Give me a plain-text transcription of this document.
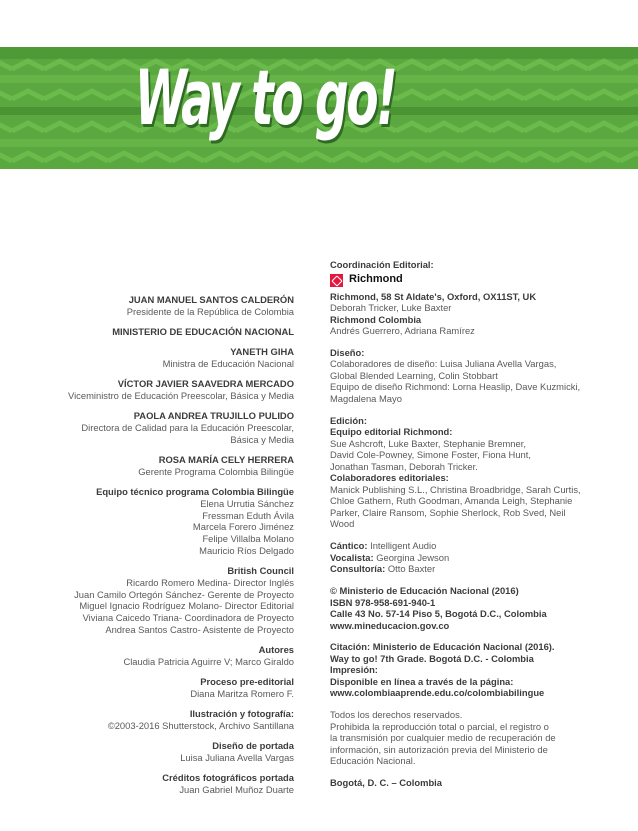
Way to go!
JUAN MANUEL SANTOS CALDERÓN
Presidente de la República de Colombia
MINISTERIO DE EDUCACIÓN NACIONAL
YANETH GIHA
Ministra de Educación Nacional
VÍCTOR JAVIER SAAVEDRA MERCADO
Viceministro de Educación Preescolar, Básica y Media
PAOLA ANDREA TRUJILLO PULIDO
Directora de Calidad para la Educación Preescolar,
Básica y Media
ROSA MARÍA CELY HERRERA
Gerente Programa Colombia Bilingüe
Equipo técnico programa Colombia Bilingüe
Elena Urrutia Sánchez
Fressman Eduth Ávila
Marcela Forero Jiménez
Felipe Villalba Molano
Mauricio Ríos Delgado
British Council
Ricardo Romero Medina- Director Inglés
Juan Camilo Ortegón Sánchez- Gerente de Proyecto
Miguel Ignacio Rodríguez Molano- Director Editorial
Viviana Caicedo Triana- Coordinadora de Proyecto
Andrea Santos Castro- Asistente de Proyecto
Autores
Claudia Patricia Aguirre V; Marco Giraldo
Proceso pre-editorial
Diana Maritza Romero F.
Ilustración y fotografía:
©2003-2016 Shutterstock, Archivo Santillana
Diseño de portada
Luisa Juliana Avella Vargas
Créditos fotográficos portada
Juan Gabriel Muñoz Duarte
Coordinación Editorial:
Richmond
Richmond, 58 St Aldate's, Oxford, OX11ST, UK
Deborah Tricker, Luke Baxter
Richmond Colombia
Andrés Guerrero, Adriana Ramírez
Diseño:
Colaboradores de diseño: Luisa Juliana Avella Vargas,
Global Blended Learning, Colin Stobbart
Equipo de diseño Richmond: Lorna Heaslip, Dave Kuzmicki,
Magdalena Mayo
Edición:
Equipo editorial Richmond:
Sue Ashcroft, Luke Baxter, Stephanie Bremner,
David Cole-Powney, Simone Foster, Fiona Hunt,
Jonathan Tasman, Deborah Tricker.
Colaboradores editoriales:
Manick Publishing S.L., Christina Broadbridge, Sarah Curtis,
Chloe Gathern, Ruth Goodman, Amanda Leigh, Stephanie
Parker, Claire Ransom, Sophie Sherlock, Rob Sved, Neil
Wood
Cántico: Intelligent Audio
Vocalista: Georgina Jewson
Consultoría: Otto Baxter
© Ministerio de Educación Nacional (2016)
ISBN 978-958-691-940-1
Calle 43 No. 57-14 Piso 5, Bogotá D.C., Colombia
www.mineducacion.gov.co
Citación: Ministerio de Educación Nacional (2016).
Way to go! 7th Grade. Bogotá D.C. - Colombia
Impresión:
Disponible en línea a través de la página:
www.colombiaaprende.edu.co/colombiabilingue
Todos los derechos reservados.
Prohibida la reproducción total o parcial, el registro o
la transmisión por cualquier medio de recuperación de
información, sin autorización previa del Ministerio de
Educación Nacional.
Bogotá, D. C. – Colombia
